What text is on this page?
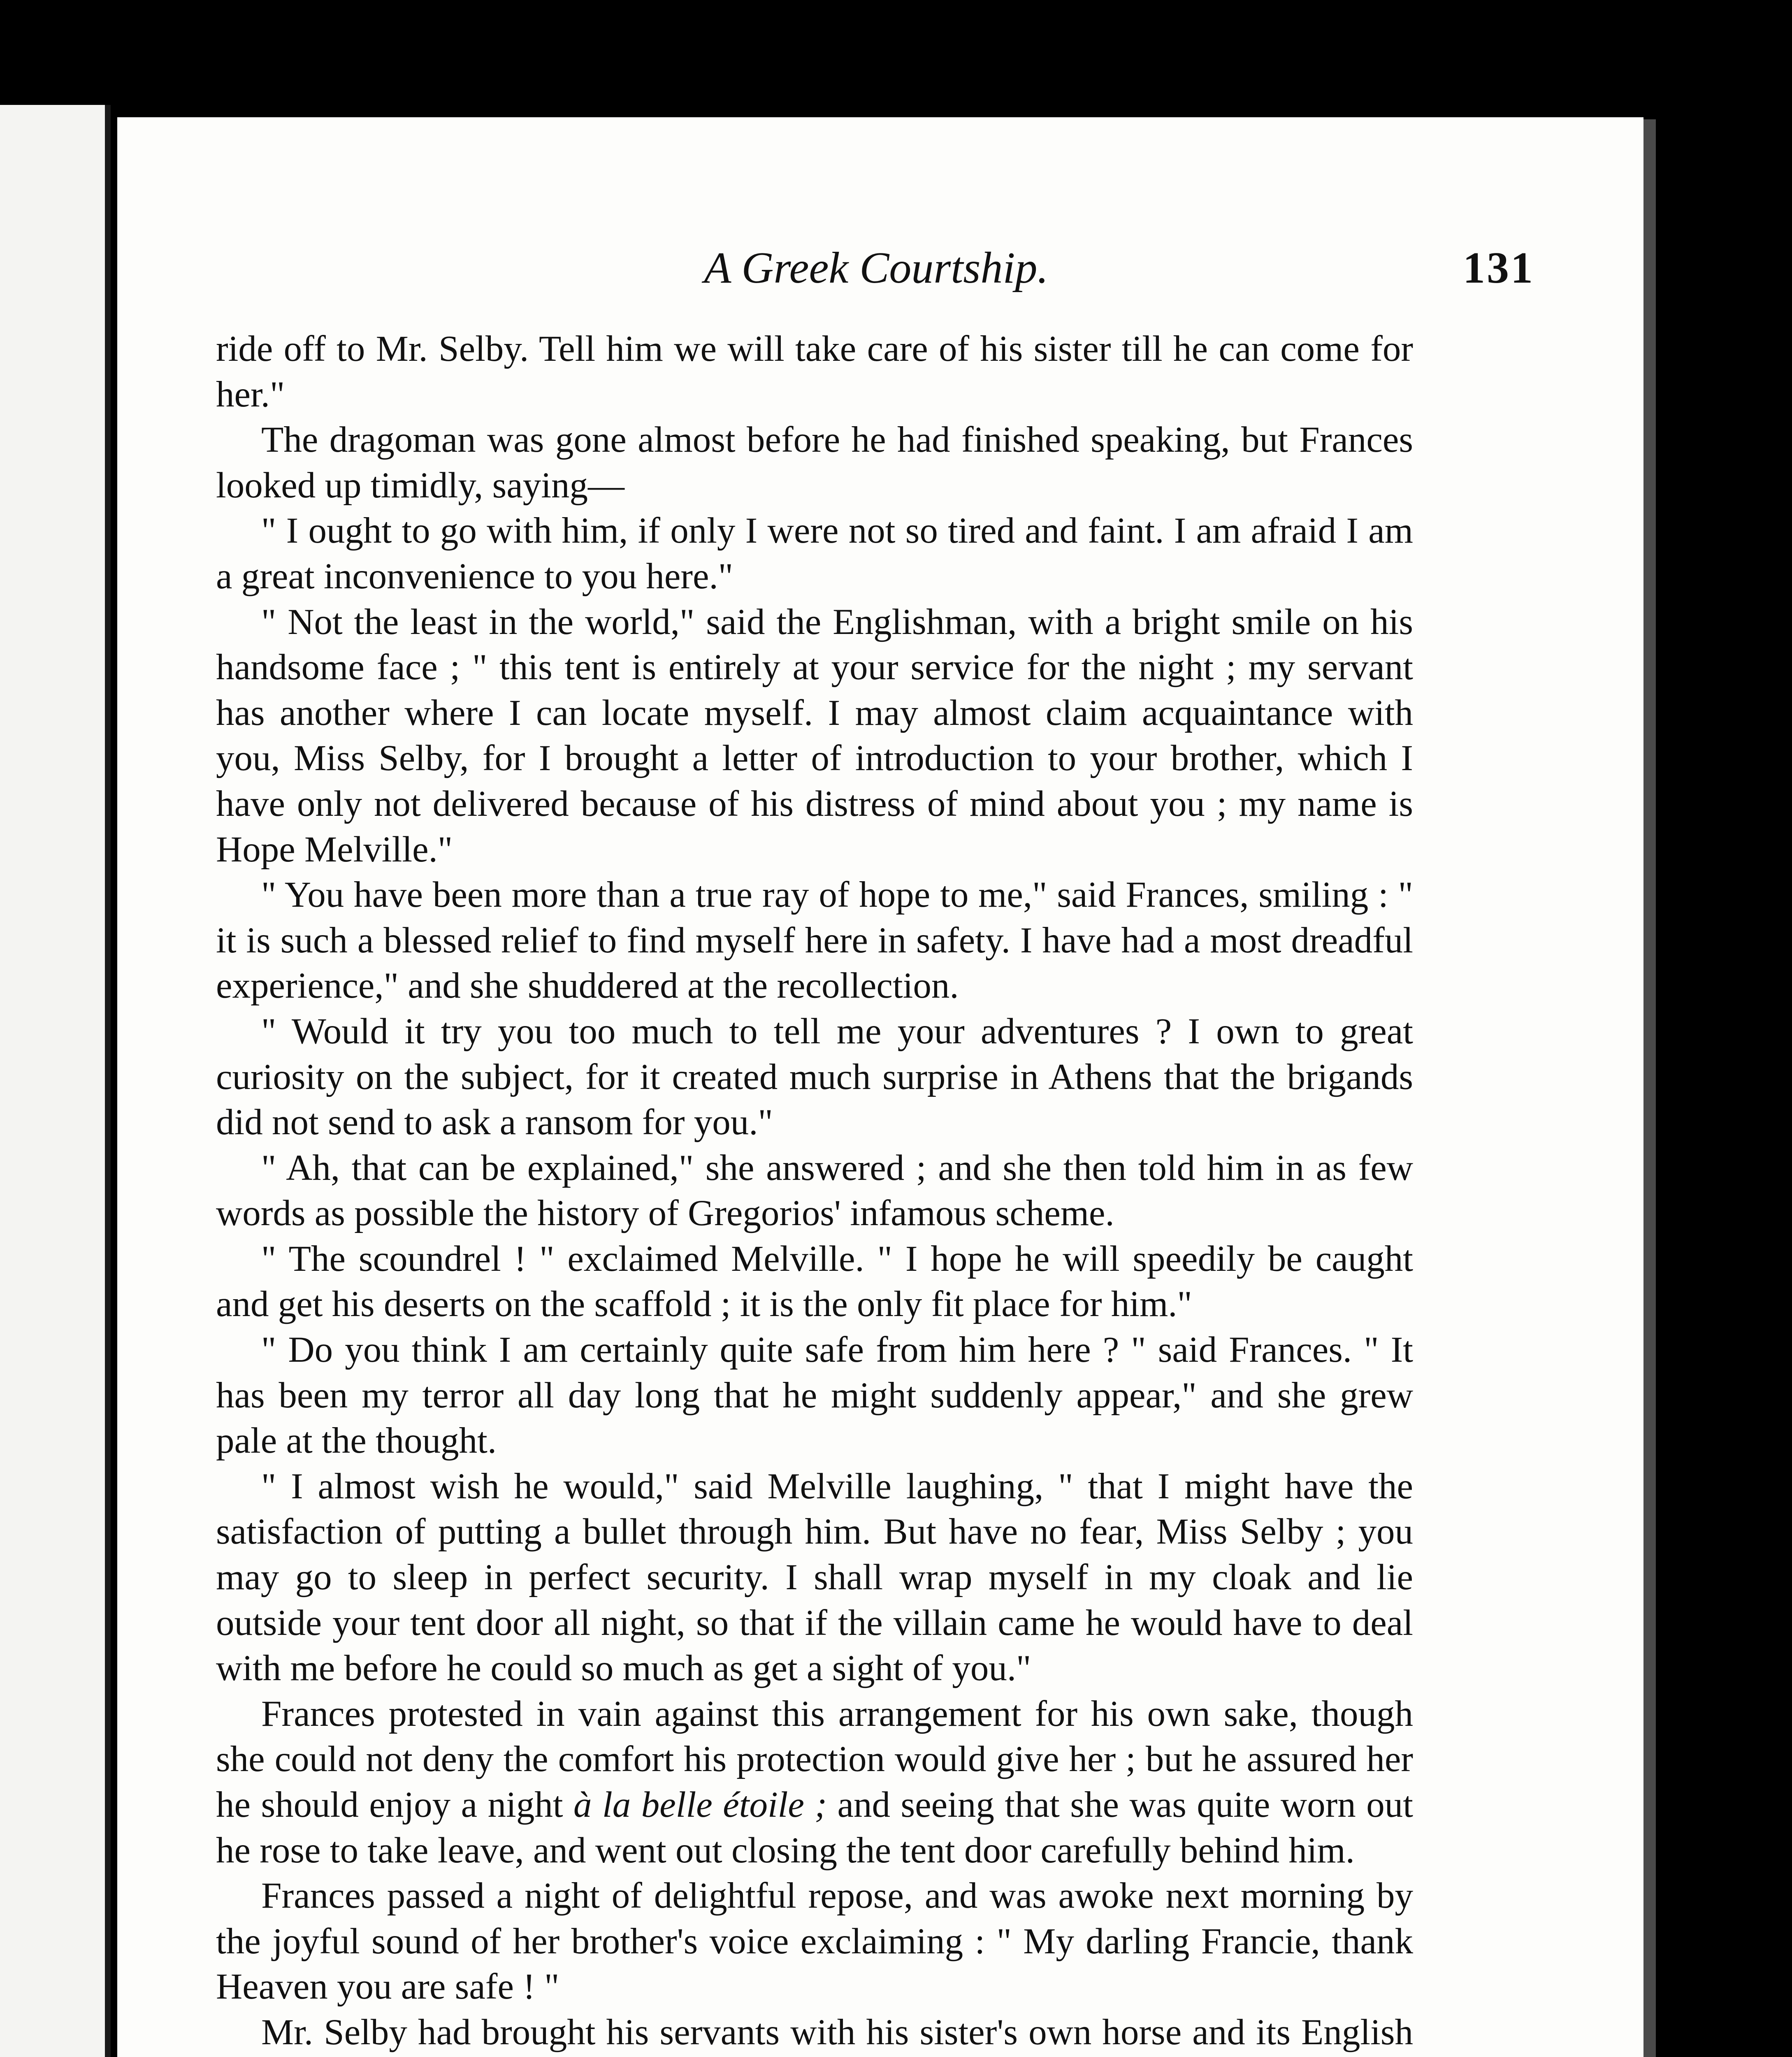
A Greek Courtship.	131

ride off to Mr. Selby. Tell him we will take care of his sister till he can come for her."

The dragoman was gone almost before he had finished speaking, but Frances looked up timidly, saying—

" I ought to go with him, if only I were not so tired and faint. I am afraid I am a great inconvenience to you here."

" Not the least in the world," said the Englishman, with a bright smile on his handsome face ; " this tent is entirely at your service for the night ; my servant has another where I can locate myself. I may almost claim acquaintance with you, Miss Selby, for I brought a letter of introduction to your brother, which I have only not delivered because of his distress of mind about you ; my name is Hope Melville."

" You have been more than a true ray of hope to me," said Frances, smiling : " it is such a blessed relief to find myself here in safety. I have had a most dreadful experience," and she shuddered at the recollection.

" Would it try you too much to tell me your adventures ? I own to great curiosity on the subject, for it created much surprise in Athens that the brigands did not send to ask a ransom for you."

" Ah, that can be explained," she answered ; and she then told him in as few words as possible the history of Gregorios' infamous scheme.

" The scoundrel ! " exclaimed Melville. " I hope he will speedily be caught and get his deserts on the scaffold ; it is the only fit place for him."

" Do you think I am certainly quite safe from him here ? " said Frances. " It has been my terror all day long that he might suddenly appear," and she grew pale at the thought.

" I almost wish he would," said Melville laughing, " that I might have the satisfaction of putting a bullet through him. But have no fear, Miss Selby ; you may go to sleep in perfect security. I shall wrap myself in my cloak and lie outside your tent door all night, so that if the villain came he would have to deal with me before he could so much as get a sight of you."

Frances protested in vain against this arrangement for his own sake, though she could not deny the comfort his protection would give her ; but he assured her he should enjoy a night à la belle étoile ; and seeing that she was quite worn out he rose to take leave, and went out closing the tent door carefully behind him.

Frances passed a night of delightful repose, and was awoke next morning by the joyful sound of her brother's voice exclaiming : " My darling Francie, thank Heaven you are safe ! "

Mr. Selby had brought his servants with his sister's own horse and its English
